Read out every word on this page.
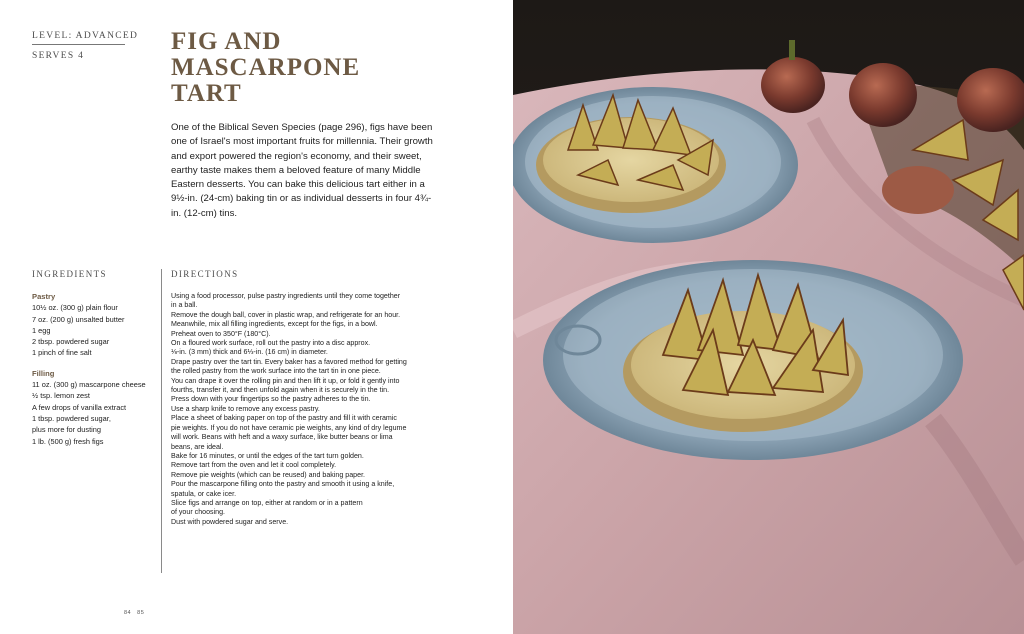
LEVEL: ADVANCED
SERVES 4
FIG AND
MASCARPONE
TART

One of the Biblical Seven Species (page 296), figs have been one of Israel's most important fruits for millennia. Their growth and export powered the region's economy, and their sweet, earthy taste makes them a beloved feature of many Middle Eastern desserts. You can bake this delicious tart either in a 9½-in. (24-cm) baking tin or as individual desserts in four 4¾-in. (12-cm) tins.

INGREDIENTS	DIRECTIONS
Pastry
10½ oz. (300 g) plain flour
7 oz. (200 g) unsalted butter
1 egg
2 tbsp. powdered sugar
1 pinch of fine salt
Filling
11 oz. (300 g) mascarpone cheese
½ tsp. lemon zest
A few drops of vanilla extract
1 tbsp. powdered sugar,
plus more for dusting
1 lb. (500 g) fresh figs
Using a food processor, pulse pastry ingredients until they come together
in a ball.
Remove the dough ball, cover in plastic wrap, and refrigerate for an hour.
Meanwhile, mix all filling ingredients, except for the figs, in a bowl.
Preheat oven to 350°F (180°C).
On a floured work surface, roll out the pastry into a disc approx.
⅛-in. (3 mm) thick and 6⅓-in. (16 cm) in diameter.
Drape pastry over the tart tin. Every baker has a favored method for getting
the rolled pastry from the work surface into the tart tin in one piece.
You can drape it over the rolling pin and then lift it up, or fold it gently into
fourths, transfer it, and then unfold again when it is securely in the tin.
Press down with your fingertips so the pastry adheres to the tin.
Use a sharp knife to remove any excess pastry.
Place a sheet of baking paper on top of the pastry and fill it with ceramic
pie weights. If you do not have ceramic pie weights, any kind of dry legume
will work. Beans with heft and a waxy surface, like butter beans or lima
beans, are ideal.
Bake for 16 minutes, or until the edges of the tart turn golden.
Remove tart from the oven and let it cool completely.
Remove pie weights (which can be reused) and baking paper.
Pour the mascarpone filling onto the pastry and smooth it using a knife,
spatula, or cake icer.
Slice figs and arrange on top, either at random or in a pattern
of your choosing.
Dust with powdered sugar and serve.
84 85
